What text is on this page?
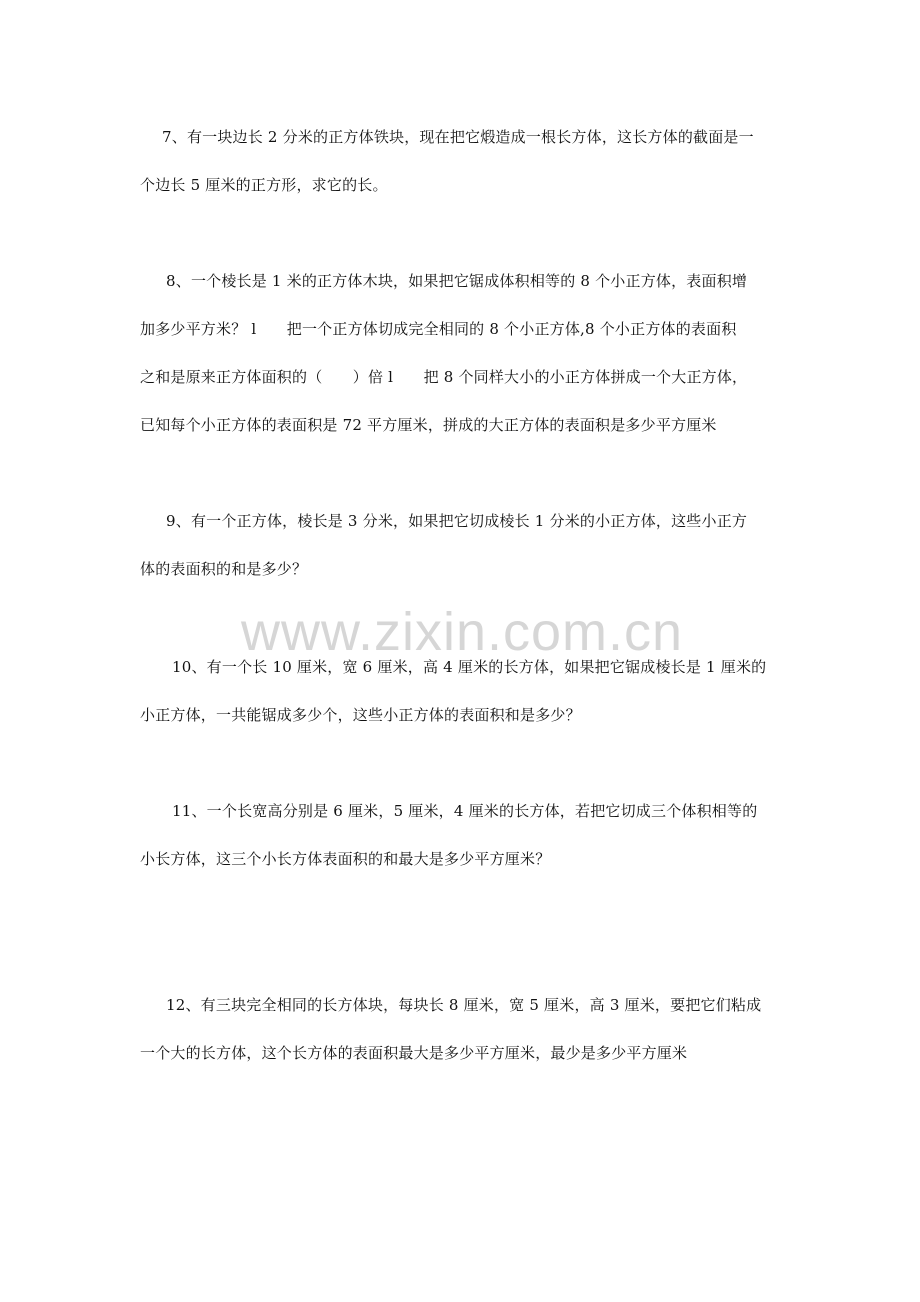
www.zixin.com.cn
7、有一块边长 2 分米的正方体铁块，现在把它煅造成一根长方体，这长方体的截面是一
个边长 5 厘米的正方形，求它的长。
8、一个棱长是 1 米的正方体木块，如果把它锯成体积相等的 8 个小正方体，表面积增
加多少平方米？ l　　把一个正方体切成完全相同的 8 个小正方体,8 个小正方体的表面积
之和是原来正方体面积的（　　）倍 l　　把 8 个同样大小的小正方体拼成一个大正方体，
已知每个小正方体的表面积是 72 平方厘米，拼成的大正方体的表面积是多少平方厘米
9、有一个正方体，棱长是 3 分米，如果把它切成棱长 1 分米的小正方体，这些小正方
体的表面积的和是多少？
10、有一个长 10 厘米，宽 6 厘米，高 4 厘米的长方体，如果把它锯成棱长是 1 厘米的
小正方体，一共能锯成多少个，这些小正方体的表面积和是多少？
11、一个长宽高分别是 6 厘米，5 厘米，4 厘米的长方体，若把它切成三个体积相等的
小长方体，这三个小长方体表面积的和最大是多少平方厘米？
12、有三块完全相同的长方体块，每块长 8 厘米，宽 5 厘米，高 3 厘米，要把它们粘成
一个大的长方体，这个长方体的表面积最大是多少平方厘米，最少是多少平方厘米
